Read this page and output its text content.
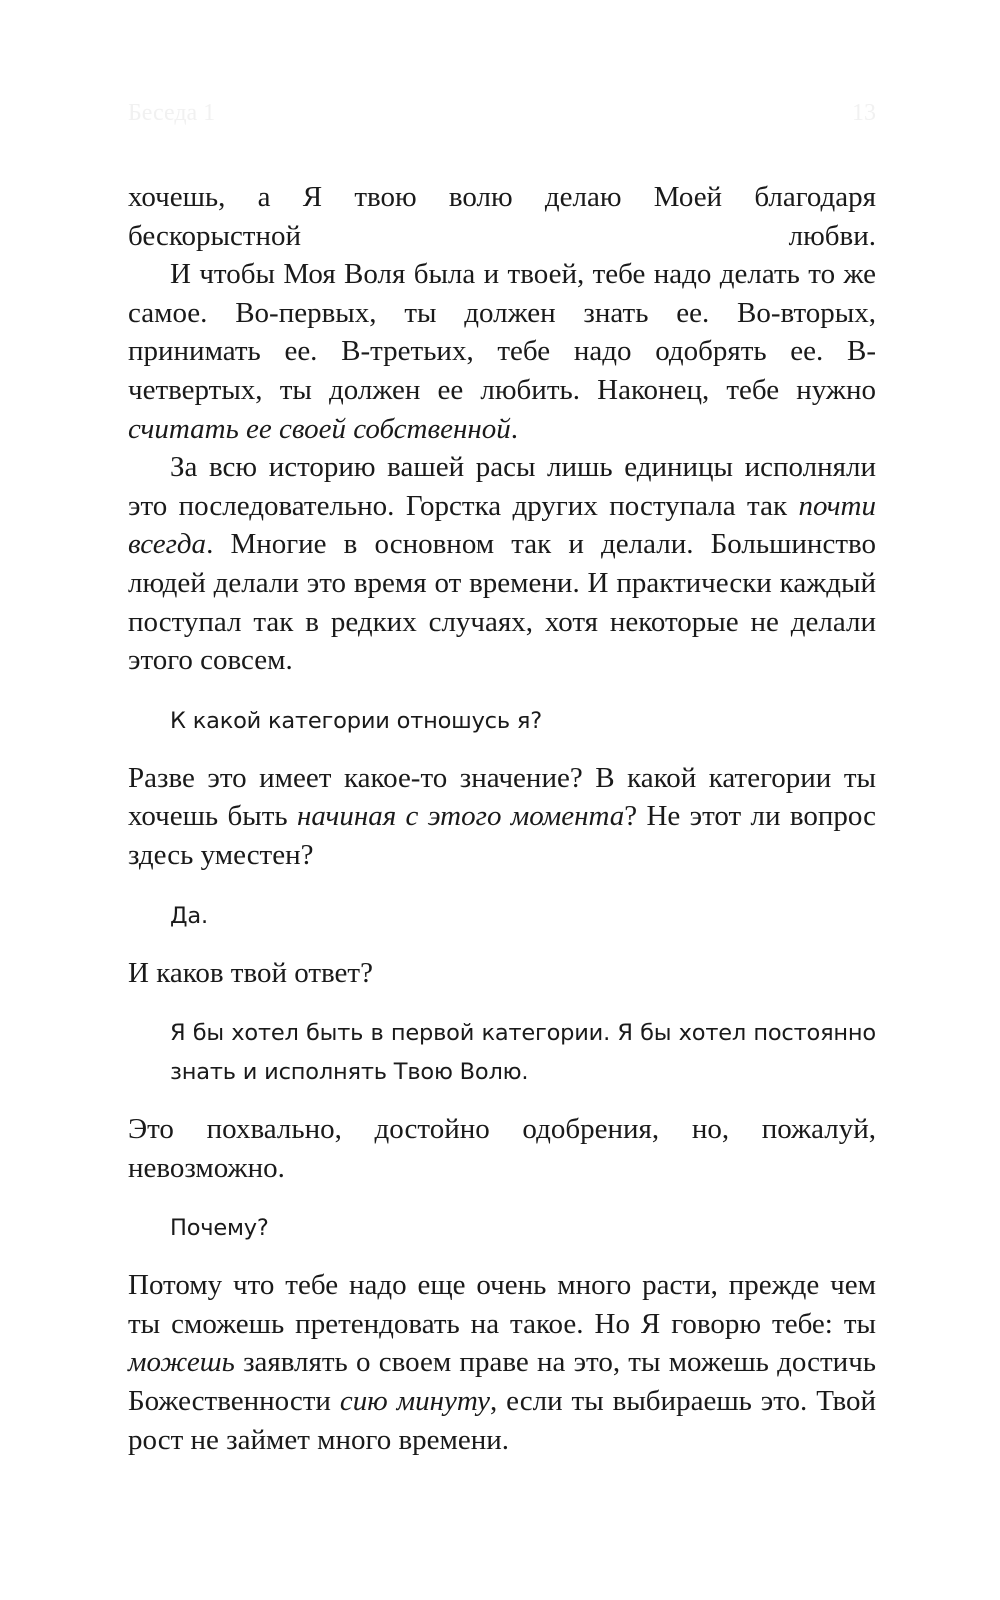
Беседа 1	13

хочешь, а Я твою волю делаю Моей благодаря бескорыстной любви.

И чтобы Моя Воля была и твоей, тебе надо делать то же самое. Во-первых, ты должен знать ее. Во-вторых, принимать ее. В-третьих, тебе надо одобрять ее. В-четвертых, ты должен ее любить. Наконец, тебе нужно считать ее своей собственной.

За всю историю вашей расы лишь единицы исполняли это последовательно. Горстка других поступала так почти всегда. Многие в основном так и делали. Большинство людей делали это время от времени. И практически каждый поступал так в редких случаях, хотя некоторые не делали этого совсем.

К какой категории отношусь я?

Разве это имеет какое-то значение? В какой категории ты хочешь быть начиная с этого момента? Не этот ли вопрос здесь уместен?

Да.

И каков твой ответ?

Я бы хотел быть в первой категории. Я бы хотел постоянно знать и исполнять Твою Волю.

Это похвально, достойно одобрения, но, пожалуй, невозможно.

Почему?

Потому что тебе надо еще очень много расти, прежде чем ты сможешь претендовать на такое. Но Я говорю тебе: ты можешь заявлять о своем праве на это, ты можешь достичь Божественности сию минуту, если ты выбираешь это. Твой рост не займет много времени.
